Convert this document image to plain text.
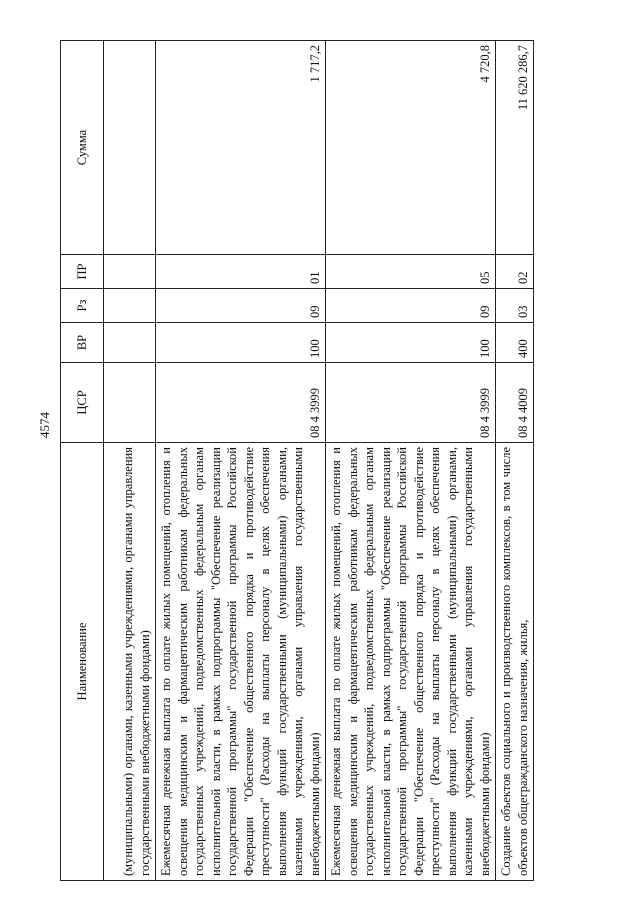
4574
Наименование	ЦСР	ВР	Рз	ПР	Сумма
(муниципальными) органами, казенными учреждениями, органами управления государственными внебюджетными фондами)					
Ежемесячная денежная выплата по оплате жилых помещений, отопления и освещения медицинским и фармацевтическим работникам федеральных государственных учреждений, подведомственных федеральным органам исполнительной власти, в рамках подпрограммы "Обеспечение реализации государственной программы" государственной программы Российской Федерации "Обеспечение общественного порядка и противодействие преступности" (Расходы на выплаты персоналу в целях обеспечения выполнения функций государственными (муниципальными) органами, казенными учреждениями, органами управления государственными внебюджетными фондами)	08 4 3999	100	09	01	1 717,2
Ежемесячная денежная выплата по оплате жилых помещений, отопления и освещения медицинским и фармацевтическим работникам федеральных государственных учреждений, подведомственных федеральным органам исполнительной власти, в рамках подпрограммы "Обеспечение реализации государственной программы" государственной программы Российской Федерации "Обеспечение общественного порядка и противодействие преступности" (Расходы на выплаты персоналу в целях обеспечения выполнения функций государственными (муниципальными) органами, казенными учреждениями, органами управления государственными внебюджетными фондами)	08 4 3999	100	09	05	4 720,8
Создание объектов социального и производственного комплексов, в том числе объектов общегражданского назначения, жилья,	08 4 4009	400	03	02	11 620 286,7
